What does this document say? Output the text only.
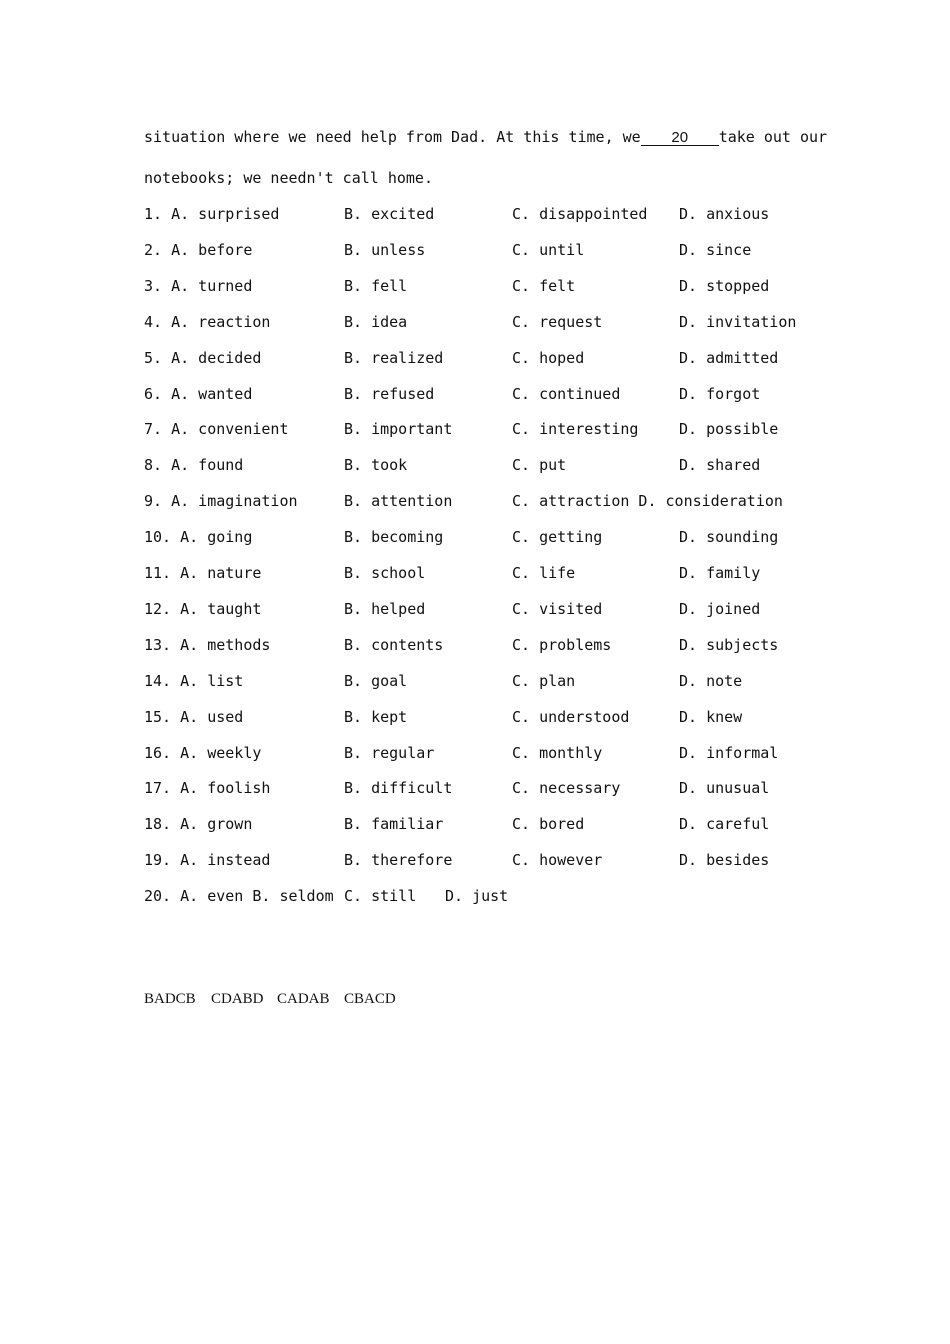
situation where we need help from Dad. At this time, we 20 take out our
notebooks; we needn't call home.
1. A. surprised	B. excited	C. disappointed D. anxious
2. A. before	B. unless	C. until	D. since
3. A. turned	B. fell	C. felt	D. stopped
4. A. reaction	B. idea	C. request	D. invitation
5. A. decided	B. realized	C. hoped	D. admitted
6. A. wanted	B. refused	C. continued	D. forgot
7. A. convenient	B. important	C. interesting	D. possible
8. A. found	B. took	C. put	D. shared
9. A. imagination	B. attention	C. attraction D. consideration
10. A. going	B. becoming	C. getting	D. sounding
11. A. nature	B. school	C. life	D. family
12. A. taught	B. helped	C. visited	D. joined
13. A. methods	B. contents	C. problems	D. subjects
14. A. list	B. goal	C. plan	D. note
15. A. used	B. kept	C. understood	D. knew
16. A. weekly	B. regular	C. monthly	D. informal
17. A. foolish	B. difficult	C. necessary	D. unusual
18. A. grown	B. familiar	C. bored	D. careful
19. A. instead	B. therefore	C. however	D. besides
20. A. even B. seldom C. still D. just
BADCB CDABD CADAB CBACD
